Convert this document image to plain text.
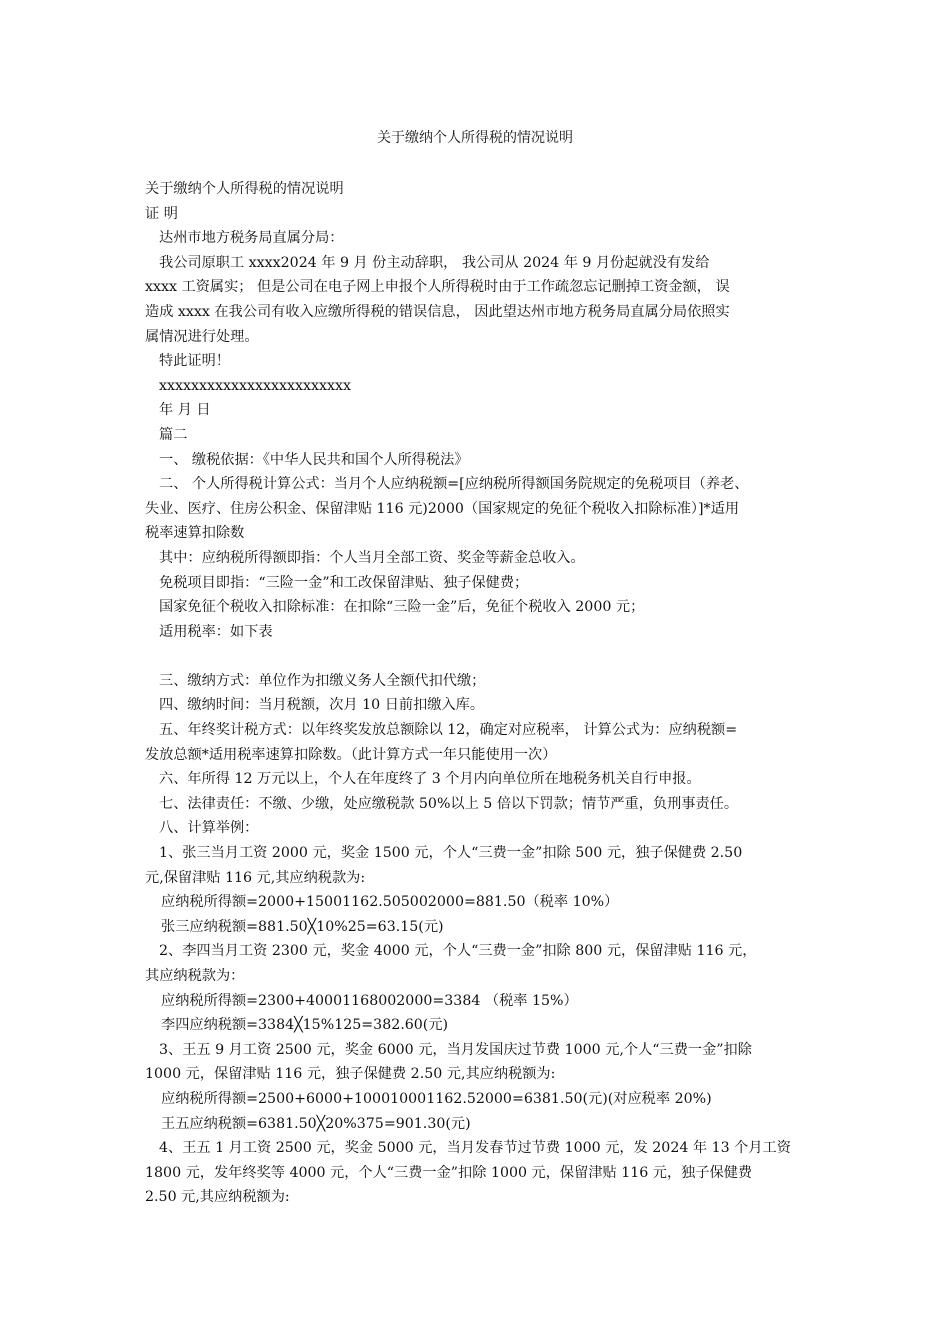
关于缴纳个人所得税的情况说明
关于缴纳个人所得税的情况说明
证 明
达州市地方税务局直属分局：
我公司原职工 xxxx2024 年 9 月 份主动辞职， 我公司从 2024 年 9 月份起就没有发给
xxxx 工资属实； 但是公司在电子网上申报个人所得税时由于工作疏忽忘记删掉工资金额， 误
造成 xxxx 在我公司有收入应缴所得税的错误信息， 因此望达州市地方税务局直属分局依照实
属情况进行处理。
特此证明！
xxxxxxxxxxxxxxxxxxxxxxxx
年 月 日
篇二
一、 缴税依据：《中华人民共和国个人所得税法》
二、 个人所得税计算公式：当月个人应纳税额=[应纳税所得额国务院规定的免税项目（养老、
失业、医疗、住房公积金、保留津贴 116 元)2000（国家规定的免征个税收入扣除标准）]*适用
税率速算扣除数
其中：应纳税所得额即指：个人当月全部工资、奖金等薪金总收入。
免税项目即指：“三险一金”和工改保留津贴、独子保健费；
国家免征个税收入扣除标准：在扣除“三险一金”后，免征个税收入 2000 元；
适用税率：如下表
三、缴纳方式：单位作为扣缴义务人全额代扣代缴；
四、缴纳时间：当月税额，次月 10 日前扣缴入库。
五、年终奖计税方式：以年终奖发放总额除以 12，确定对应税率， 计算公式为：应纳税额=
发放总额*适用税率速算扣除数。（此计算方式一年只能使用一次）
六、年所得 12 万元以上，个人在年度终了 3 个月内向单位所在地税务机关自行申报。
七、法律责任：不缴、少缴，处应缴税款 50%以上 5 倍以下罚款；情节严重，负刑事责任。
八、计算举例：
1、张三当月工资 2000 元，奖金 1500 元，个人“三费一金”扣除 500 元，独子保健费 2.50
元,保留津贴 116 元,其应纳税款为:
应纳税所得额=2000+15001162.505002000=881.50（税率 10%）
张三应纳税额=881.50╳10%25=63.15(元)
2、李四当月工资 2300 元，奖金 4000 元，个人“三费一金”扣除 800 元，保留津贴 116 元，
其应纳税款为：
应纳税所得额=2300+40001168002000=3384 （税率 15%）
李四应纳税额=3384╳15%125=382.60(元)
3、王五 9 月工资 2500 元，奖金 6000 元，当月发国庆过节费 1000 元,个人“三费一金”扣除
1000 元，保留津贴 116 元，独子保健费 2.50 元,其应纳税额为:
应纳税所得额=2500+6000+100010001162.52000=6381.50(元)(对应税率 20%)
王五应纳税额=6381.50╳20%375=901.30(元)
4、王五 1 月工资 2500 元，奖金 5000 元，当月发春节过节费 1000 元，发 2024 年 13 个月工资
1800 元，发年终奖等 4000 元，个人“三费一金”扣除 1000 元，保留津贴 116 元，独子保健费
2.50 元,其应纳税额为:
